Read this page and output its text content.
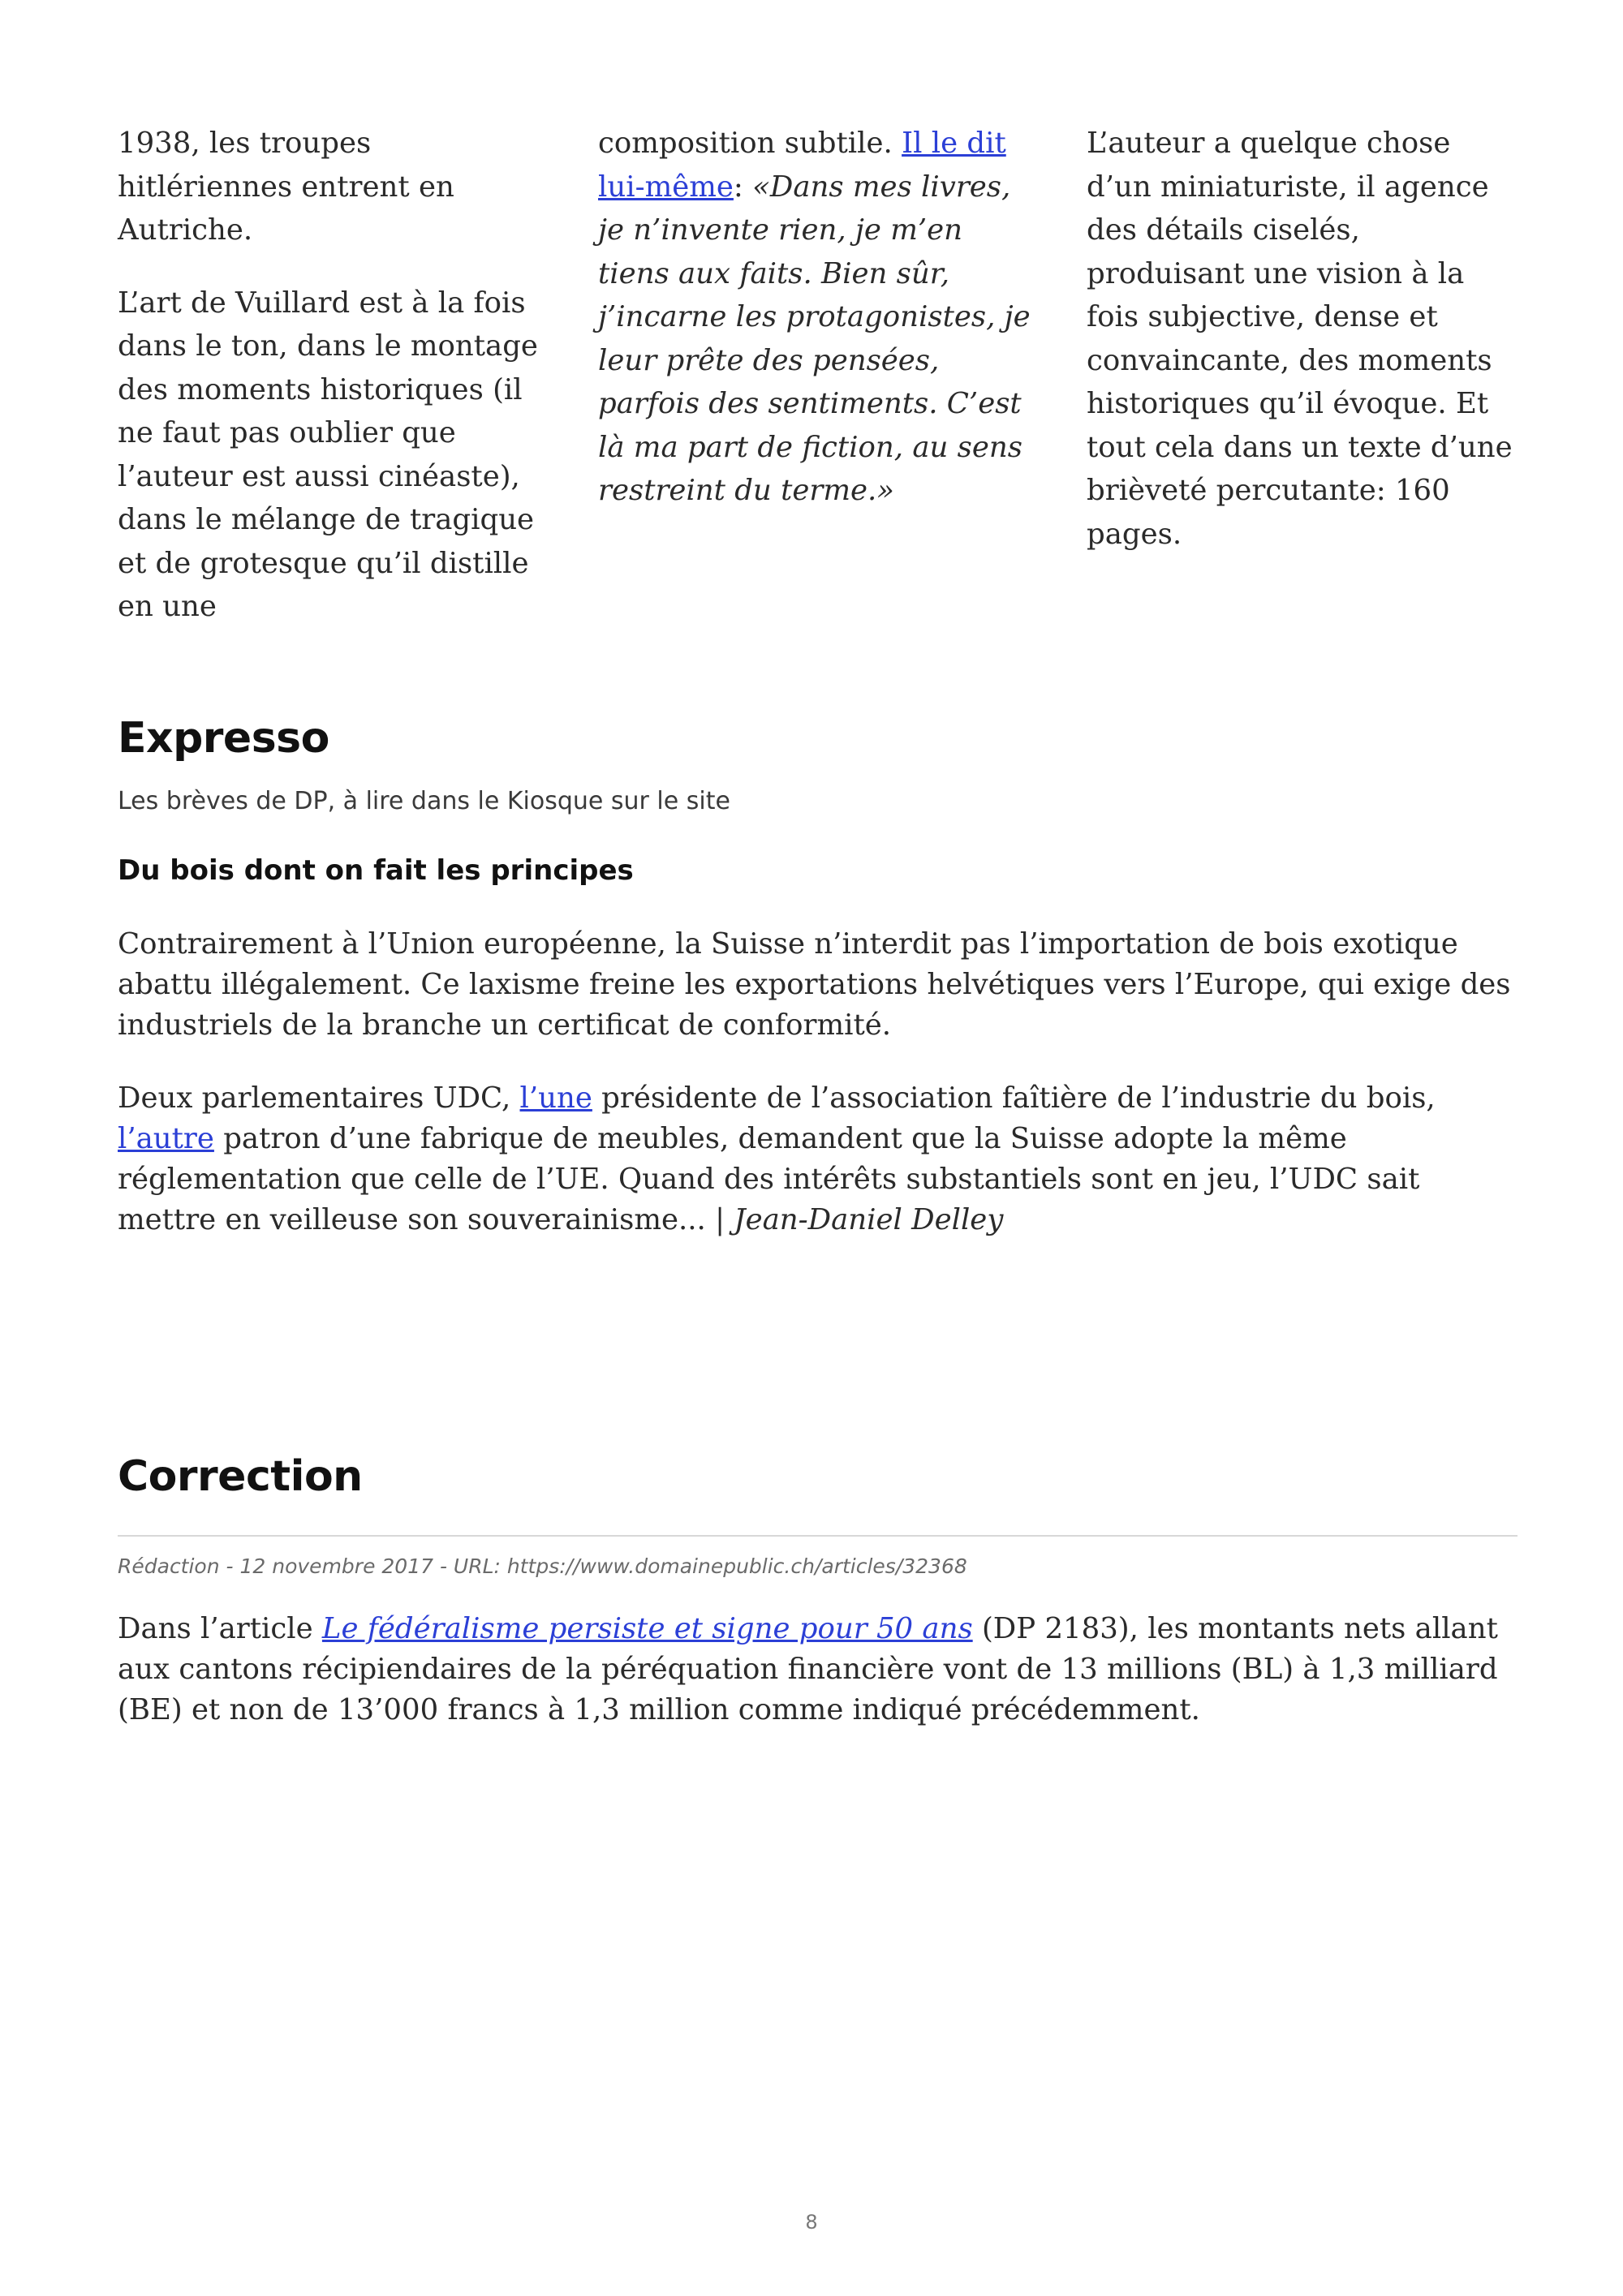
1938, les troupes hitlériennes entrent en Autriche.

L’art de Vuillard est à la fois dans le ton, dans le montage des moments historiques (il ne faut pas oublier que l’auteur est aussi cinéaste), dans le mélange de tragique et de grotesque qu’il distille en une

composition subtile. Il le dit lui-même: «Dans mes livres, je n’invente rien, je m’en tiens aux faits. Bien sûr, j’incarne les protagonistes, je leur prête des pensées, parfois des sentiments. C’est là ma part de fiction, au sens restreint du terme.»

L’auteur a quelque chose d’un miniaturiste, il agence des détails ciselés, produisant une vision à la fois subjective, dense et convaincante, des moments historiques qu’il évoque. Et tout cela dans un texte d’une brièveté percutante: 160 pages.

Expresso

Les brèves de DP, à lire dans le Kiosque sur le site

Du bois dont on fait les principes

Contrairement à l’Union européenne, la Suisse n’interdit pas l’importation de bois exotique abattu illégalement. Ce laxisme freine les exportations helvétiques vers l’Europe, qui exige des industriels de la branche un certificat de conformité.

Deux parlementaires UDC, l’une présidente de l’association faîtière de l’industrie du bois, l’autre patron d’une fabrique de meubles, demandent que la Suisse adopte la même réglementation que celle de l’UE. Quand des intérêts substantiels sont en jeu, l’UDC sait mettre en veilleuse son souverainisme... | Jean-Daniel Delley

Correction

Rédaction - 12 novembre 2017 - URL: https://www.domainepublic.ch/articles/32368

Dans l’article Le fédéralisme persiste et signe pour 50 ans (DP 2183), les montants nets allant aux cantons récipiendaires de la péréquation financière vont de 13 millions (BL) à 1,3 milliard (BE) et non de 13’000 francs à 1,3 million comme indiqué précédemment.

8
